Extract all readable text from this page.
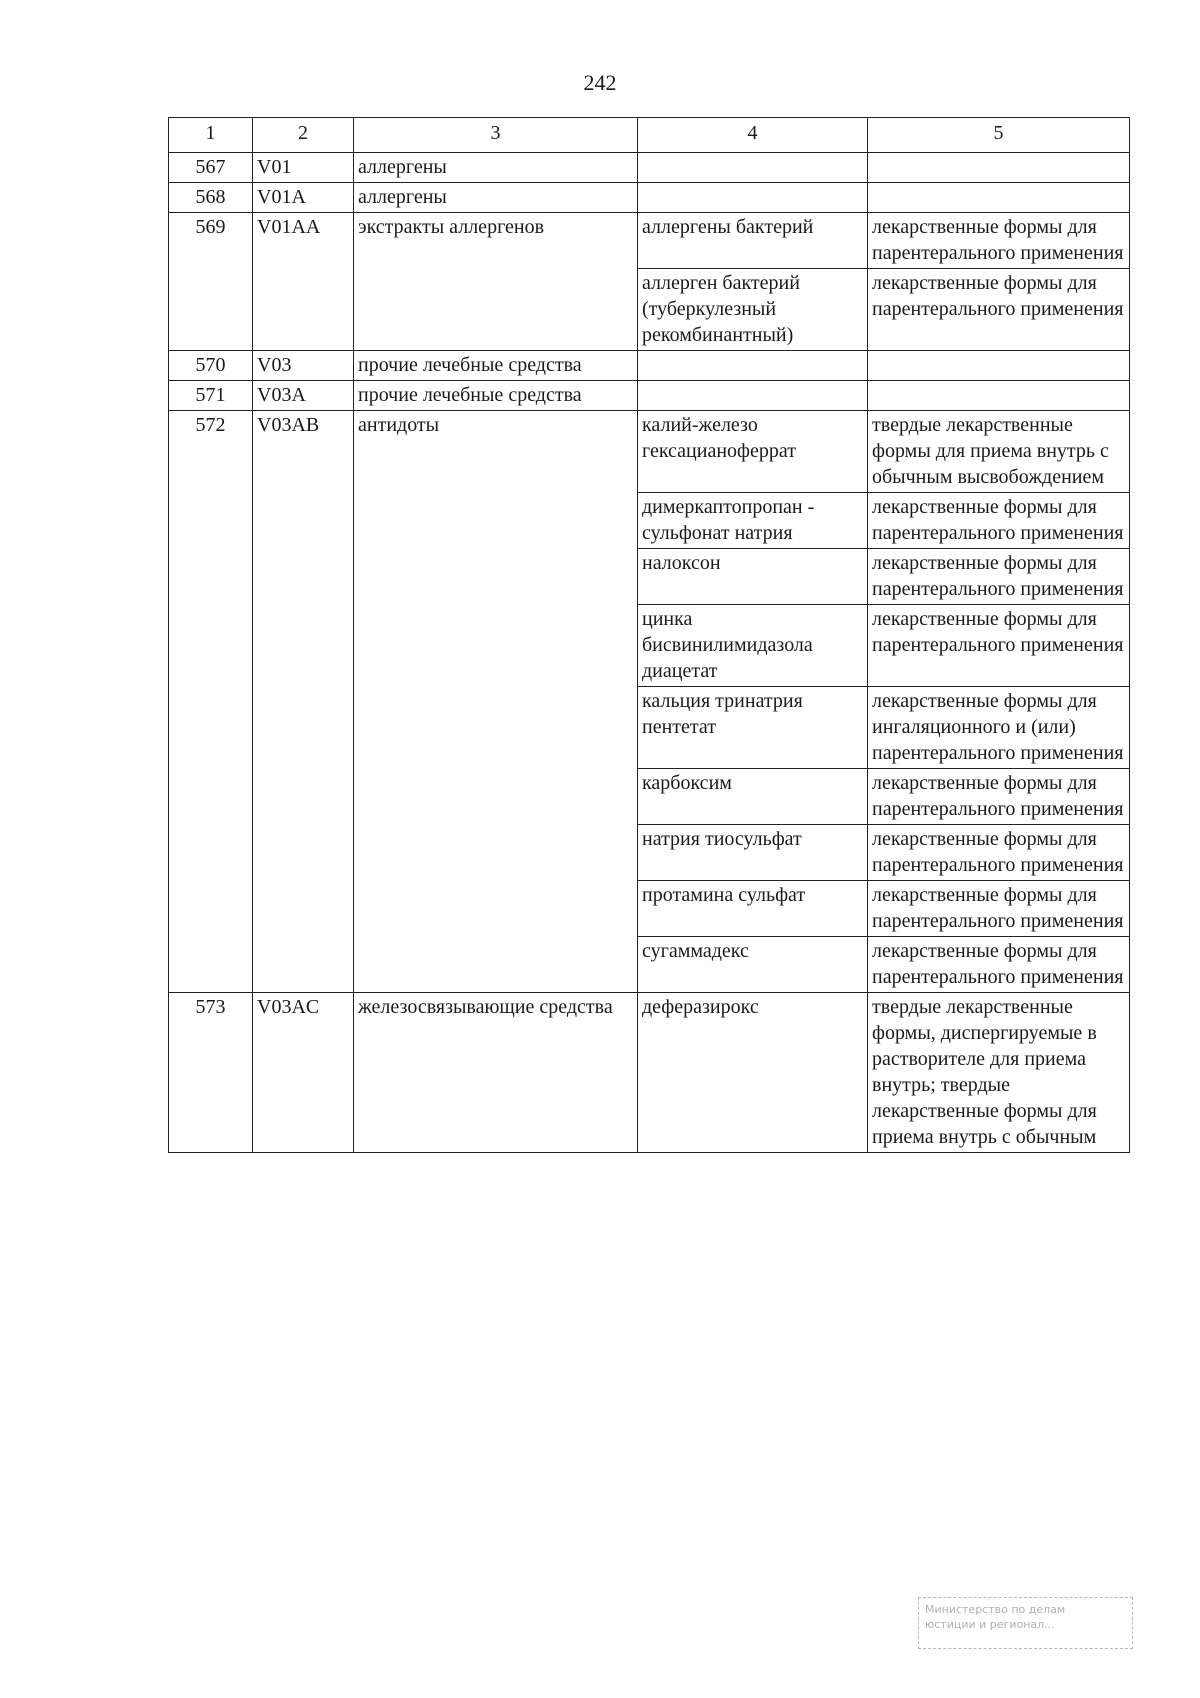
242
1	2	3	4	5
567	V01	аллергены		
568	V01A	аллергены		
569	V01AA	экстракты аллергенов	аллергены бактерий	лекарственные формы для парентерального применения
			аллерген бактерий (туберкулезный рекомбинантный)	лекарственные формы для парентерального применения
570	V03	прочие лечебные средства		
571	V03A	прочие лечебные средства		
572	V03AB	антидоты	калий-железо гексацианоферрат	твердые лекарственные формы для приема внутрь с обычным высвобождением
			димеркаптопропан - сульфонат натрия	лекарственные формы для парентерального применения
			налоксон	лекарственные формы для парентерального применения
			цинка бисвинилимидазола диацетат	лекарственные формы для парентерального применения
			кальция тринатрия пентетат	лекарственные формы для ингаляционного и (или) парентерального применения
			карбоксим	лекарственные формы для парентерального применения
			натрия тиосульфат	лекарственные формы для парентерального применения
			протамина сульфат	лекарственные формы для парентерального применения
			сугаммадекс	лекарственные формы для парентерального применения
573	V03AC	железосвязывающие средства	деферазирокс	твердые лекарственные формы, диспергируемые в растворителе для приема внутрь; твердые лекарственные формы для приема внутрь с обычным
Министерство по делам
юстиции и регионал...
